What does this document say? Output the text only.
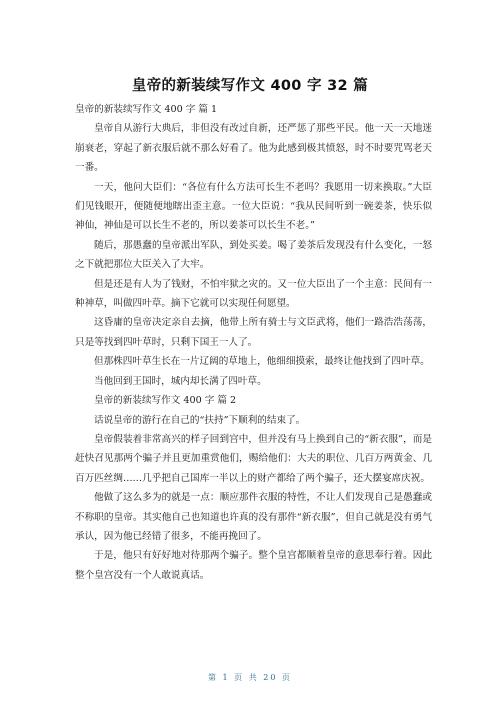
皇帝的新装续写作文 400 字 32 篇

皇帝的新装续写作文 400 字 篇 1

皇帝自从游行大典后，非但没有改过自新，还严惩了那些平民。他一天一天地迷崩衰老，穿起了新衣服后就不那么好看了。他为此感到极其愤怒，时不时要咒骂老天一番。

一天，他问大臣们：“各位有什么方法可长生不老吗？我愿用一切来换取。”大臣们见钱眼开，便随便地瞎出歪主意。一位大臣说：“我从民间听到一碗姜茶，快乐似神仙，神仙是可以长生不老的，所以姜茶可以长生不老。”

随后，那愚蠢的皇帝派出军队，到处买姜。喝了姜茶后发现没有什么变化，一怒之下就把那位大臣关入了大牢。

但是还是有人为了钱财，不怕牢狱之灾的。又一位大臣出了一个主意：民间有一种神草，叫做四叶草。摘下它就可以实现任何愿望。

这昏庸的皇帝决定亲自去摘，他带上所有骑士与文臣武将，他们一路浩浩荡荡，只是等找到四叶草时，只剩下国王一人了。

但那株四叶草生长在一片辽阔的草地上，他细细摸索，最终让他找到了四叶草。

当他回到王国时，城内却长满了四叶草。

皇帝的新装续写作文 400 字 篇 2

话说皇帝的游行在自己的“扶持”下顺利的结束了。

皇帝假装着非常高兴的样子回到宫中，但并没有马上换到自己的“新衣服”，而是赶快召见那两个骗子并且更加重赏他们，赐给他们：大夫的职位、几百万两黄金、几百万匹丝绸……几乎把自己国库一半以上的财产都给了两个骗子，还大摆宴席庆祝。

他做了这么多为的就是一点：顺应那件衣服的特性，不让人们发现自己是愚蠢或不称职的皇帝。其实他自己也知道也许真的没有那件“新衣服”，但自己就是没有勇气承认，因为他已经错了很多，不能再挽回了。

于是，他只有好好地对待那两个骗子。整个皇宫都顺着皇帝的意思奉行着。因此整个皇宫没有一个人敢说真话。

第 1 页 共 20 页
